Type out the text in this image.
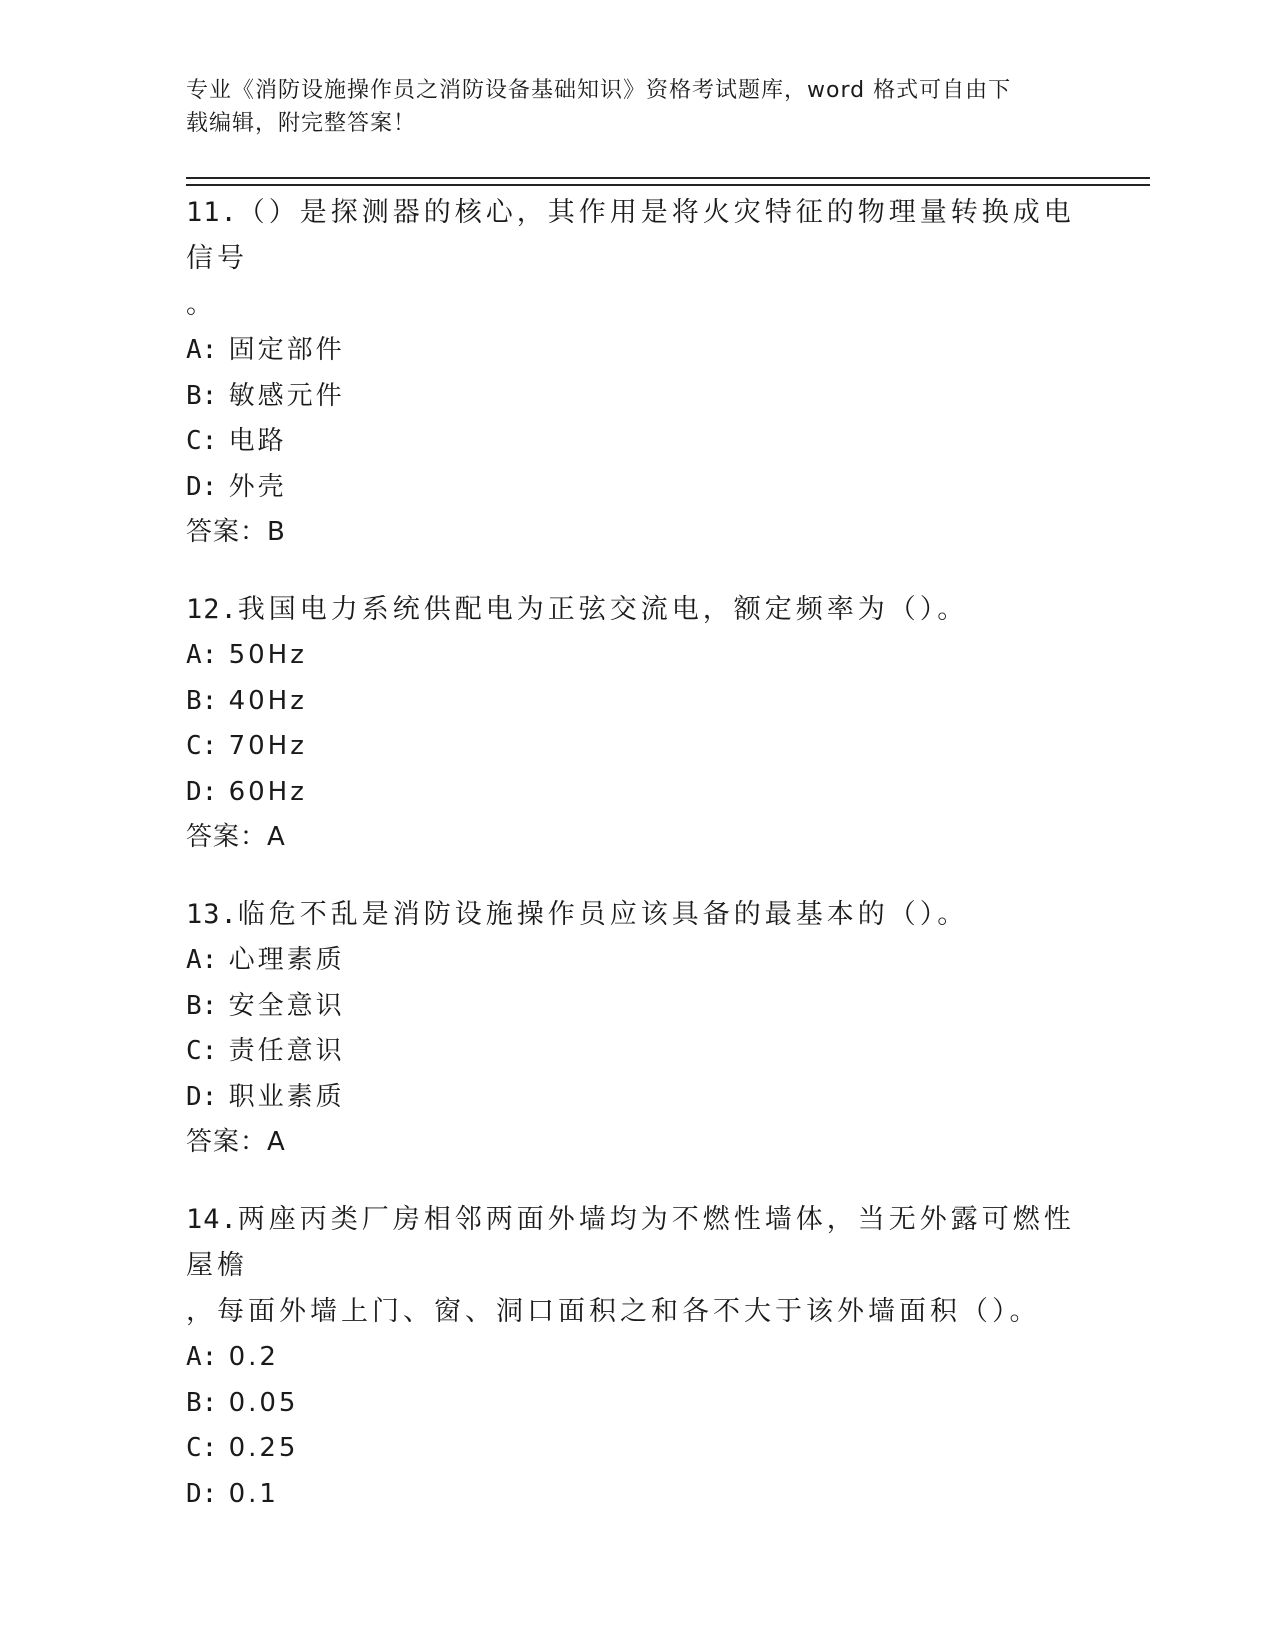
专业《消防设施操作员之消防设备基础知识》资格考试题库，word 格式可自由下
载编辑，附完整答案！

11.（）是探测器的核心，其作用是将火灾特征的物理量转换成电信号

。

A: 固定部件

B: 敏感元件

C: 电路

D: 外壳

答案：B

12.我国电力系统供配电为正弦交流电，额定频率为（）。

A: 50Hz

B: 40Hz

C: 70Hz

D: 60Hz

答案：A

13.临危不乱是消防设施操作员应该具备的最基本的（）。

A: 心理素质

B: 安全意识

C: 责任意识

D: 职业素质

答案：A

14.两座丙类厂房相邻两面外墙均为不燃性墙体，当无外露可燃性屋檐

，每面外墙上门、窗、洞口面积之和各不大于该外墙面积（）。

A: 0.2

B: 0.05

C: 0.25

D: 0.1
